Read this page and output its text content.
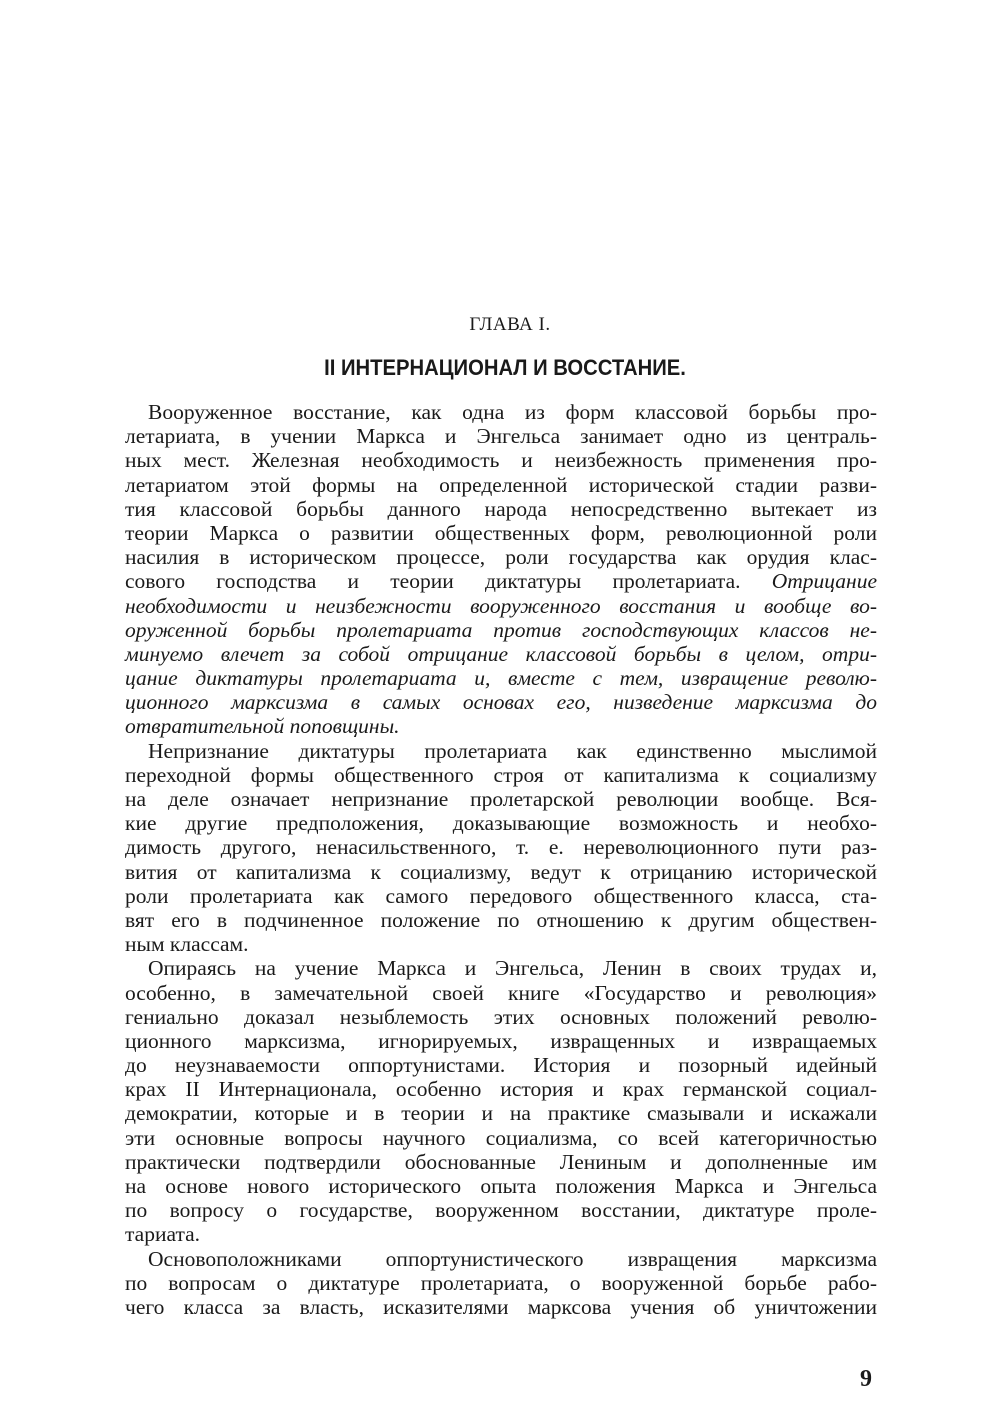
ГЛАВА I.
II ИНТЕРНАЦИОНАЛ И ВОССТАНИЕ.
Вооруженное восстание, как одна из форм классовой борьбы про-
летариата, в учении Маркса и Энгельса занимает одно из централь-
ных мест. Железная необходимость и неизбежность применения про-
летариатом этой формы на определенной исторической стадии разви-
тия классовой борьбы данного народа непосредственно вытекает из
теории Маркса о развитии общественных форм, революционной роли
насилия в историческом процессе, роли государства как орудия клас-
сового господства и теории диктатуры пролетариата. Отрицание
необходимости и неизбежности вооруженного восстания и вообще во-
оруженной борьбы пролетариата против господствующих классов не-
минуемо влечет за собой отрицание классовой борьбы в целом, отри-
цание диктатуры пролетариата и, вместе с тем, извращение револю-
ционного марксизма в самых основах его, низведение марксизма до
отвратительной поповщины.
Непризнание диктатуры пролетариата как единственно мыслимой
переходной формы общественного строя от капитализма к социализму
на деле означает непризнание пролетарской революции вообще. Вся-
кие другие предположения, доказывающие возможность и необхо-
димость другого, ненасильственного, т. е. нереволюционного пути раз-
вития от капитализма к социализму, ведут к отрицанию исторической
роли пролетариата как самого передового общественного класса, ста-
вят его в подчиненное положение по отношению к другим обществен-
ным классам.
Опираясь на учение Маркса и Энгельса, Ленин в своих трудах и,
особенно, в замечательной своей книге «Государство и революция»
гениально доказал незыблемость этих основных положений револю-
ционного марксизма, игнорируемых, извращенных и извращаемых
до неузнаваемости оппортунистами. История и позорный идейный
крах II Интернационала, особенно история и крах германской социал-
демократии, которые и в теории и на практике смазывали и искажали
эти основные вопросы научного социализма, со всей категоричностью
практически подтвердили обоснованные Лениным и дополненные им
на основе нового исторического опыта положения Маркса и Энгельса
по вопросу о государстве, вооруженном восстании, диктатуре проле-
тариата.
Основоположниками оппортунистического извращения марксизма
по вопросам о диктатуре пролетариата, о вооруженной борьбе рабо-
чего класса за власть, исказителями марксова учения об уничтожении
9
